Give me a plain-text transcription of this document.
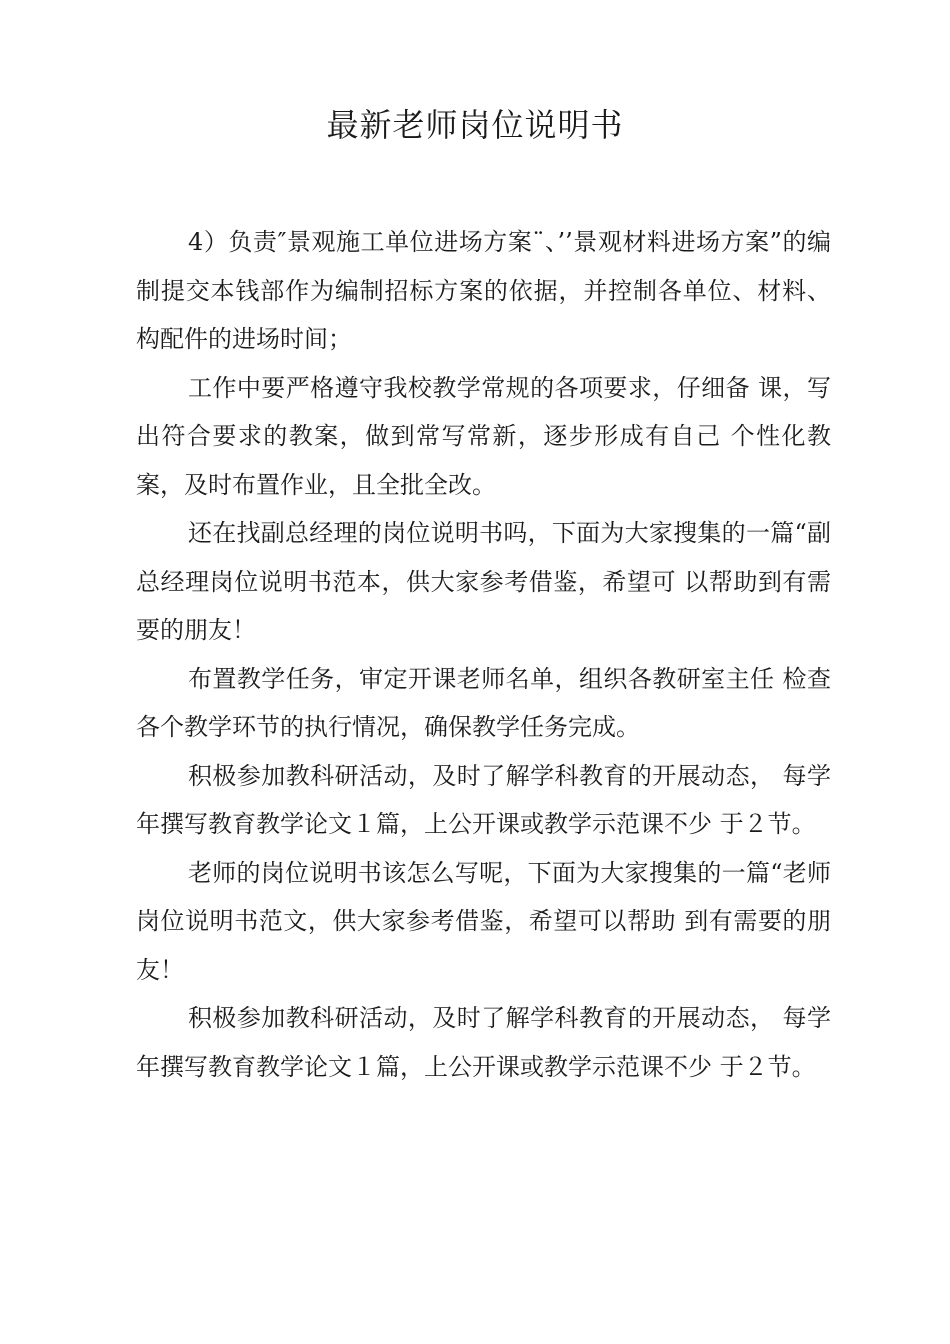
最新老师岗位说明书

4）负责″景观施工单位进场方案¨、’’景观材料进场方案”的编制提交本钱部作为编制招标方案的依据，并控制各单位、材料、构配件的进场时间；

工作中要严格遵守我校教学常规的各项要求，仔细备 课，写出符合要求的教案，做到常写常新，逐步形成有自己 个性化教案，及时布置作业，且全批全改。

还在找副总经理的岗位说明书吗，下面为大家搜集的一篇“副总经理岗位说明书范本，供大家参考借鉴，希望可 以帮助到有需要的朋友！

布置教学任务，审定开课老师名单，组织各教研室主任 检查各个教学环节的执行情况，确保教学任务完成。

积极参加教科研活动，及时了解学科教育的开展动态， 每学年撰写教育教学论文１篇，上公开课或教学示范课不少 于２节。

老师的岗位说明书该怎么写呢，下面为大家搜集的一篇“老师岗位说明书范文，供大家参考借鉴，希望可以帮助 到有需要的朋友！

积极参加教科研活动，及时了解学科教育的开展动态， 每学年撰写教育教学论文１篇，上公开课或教学示范课不少 于２节。
